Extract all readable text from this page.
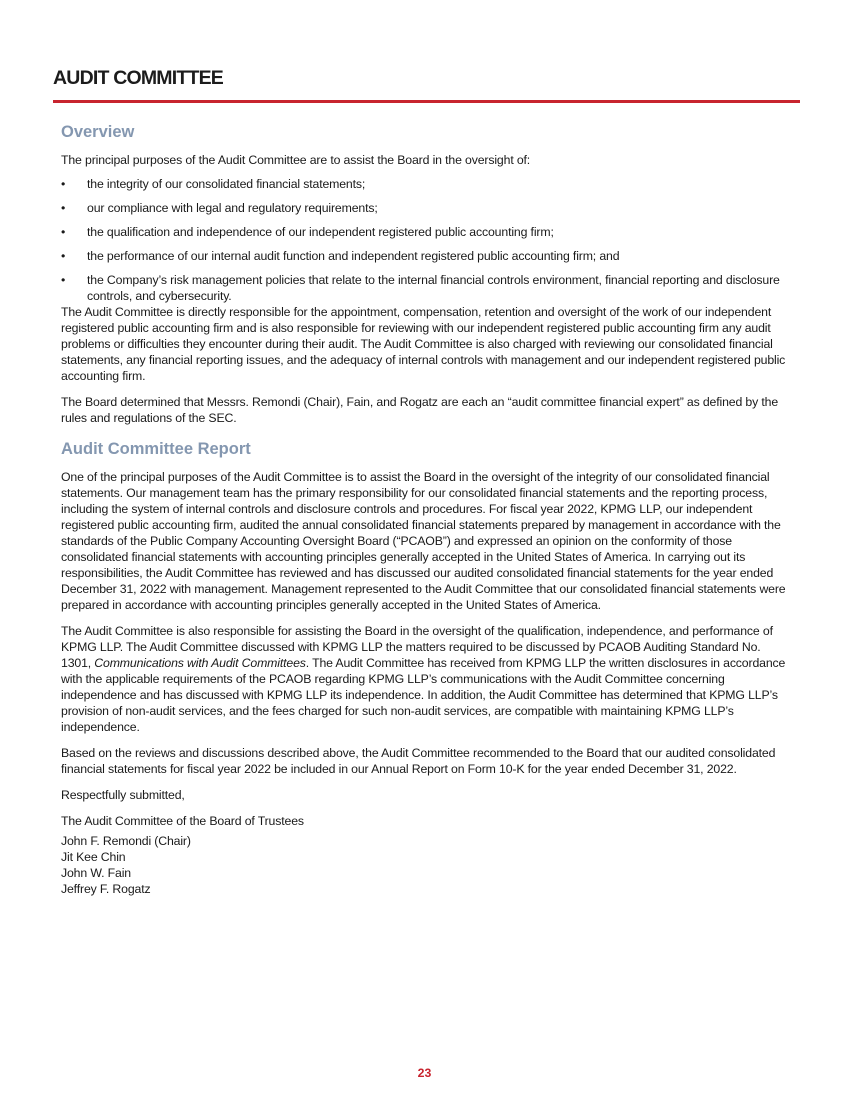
AUDIT COMMITTEE
Overview

The principal purposes of the Audit Committee are to assist the Board in the oversight of:

• the integrity of our consolidated financial statements;
• our compliance with legal and regulatory requirements;
• the qualification and independence of our independent registered public accounting firm;
• the performance of our internal audit function and independent registered public accounting firm; and
• the Company’s risk management policies that relate to the internal financial controls environment, financial reporting and disclosure controls, and cybersecurity.

The Audit Committee is directly responsible for the appointment, compensation, retention and oversight of the work of our independent registered public accounting firm and is also responsible for reviewing with our independent registered public accounting firm any audit problems or difficulties they encounter during their audit. The Audit Committee is also charged with reviewing our consolidated financial statements, any financial reporting issues, and the adequacy of internal controls with management and our independent registered public accounting firm.

The Board determined that Messrs. Remondi (Chair), Fain, and Rogatz are each an “audit committee financial expert” as defined by the rules and regulations of the SEC.

Audit Committee Report

One of the principal purposes of the Audit Committee is to assist the Board in the oversight of the integrity of our consolidated financial statements. Our management team has the primary responsibility for our consolidated financial statements and the reporting process, including the system of internal controls and disclosure controls and procedures. For fiscal year 2022, KPMG LLP, our independent registered public accounting firm, audited the annual consolidated financial statements prepared by management in accordance with the standards of the Public Company Accounting Oversight Board (“PCAOB”) and expressed an opinion on the conformity of those consolidated financial statements with accounting principles generally accepted in the United States of America. In carrying out its responsibilities, the Audit Committee has reviewed and has discussed our audited consolidated financial statements for the year ended December 31, 2022 with management. Management represented to the Audit Committee that our consolidated financial statements were prepared in accordance with accounting principles generally accepted in the United States of America.

The Audit Committee is also responsible for assisting the Board in the oversight of the qualification, independence, and performance of KPMG LLP. The Audit Committee discussed with KPMG LLP the matters required to be discussed by PCAOB Auditing Standard No. 1301, Communications with Audit Committees. The Audit Committee has received from KPMG LLP the written disclosures in accordance with the applicable requirements of the PCAOB regarding KPMG LLP’s communications with the Audit Committee concerning independence and has discussed with KPMG LLP its independence. In addition, the Audit Committee has determined that KPMG LLP’s provision of non-audit services, and the fees charged for such non-audit services, are compatible with maintaining KPMG LLP’s independence.

Based on the reviews and discussions described above, the Audit Committee recommended to the Board that our audited consolidated financial statements for fiscal year 2022 be included in our Annual Report on Form 10-K for the year ended December 31, 2022.

Respectfully submitted,

The Audit Committee of the Board of Trustees

John F. Remondi (Chair)
Jit Kee Chin
John W. Fain
Jeffrey F. Rogatz
23
